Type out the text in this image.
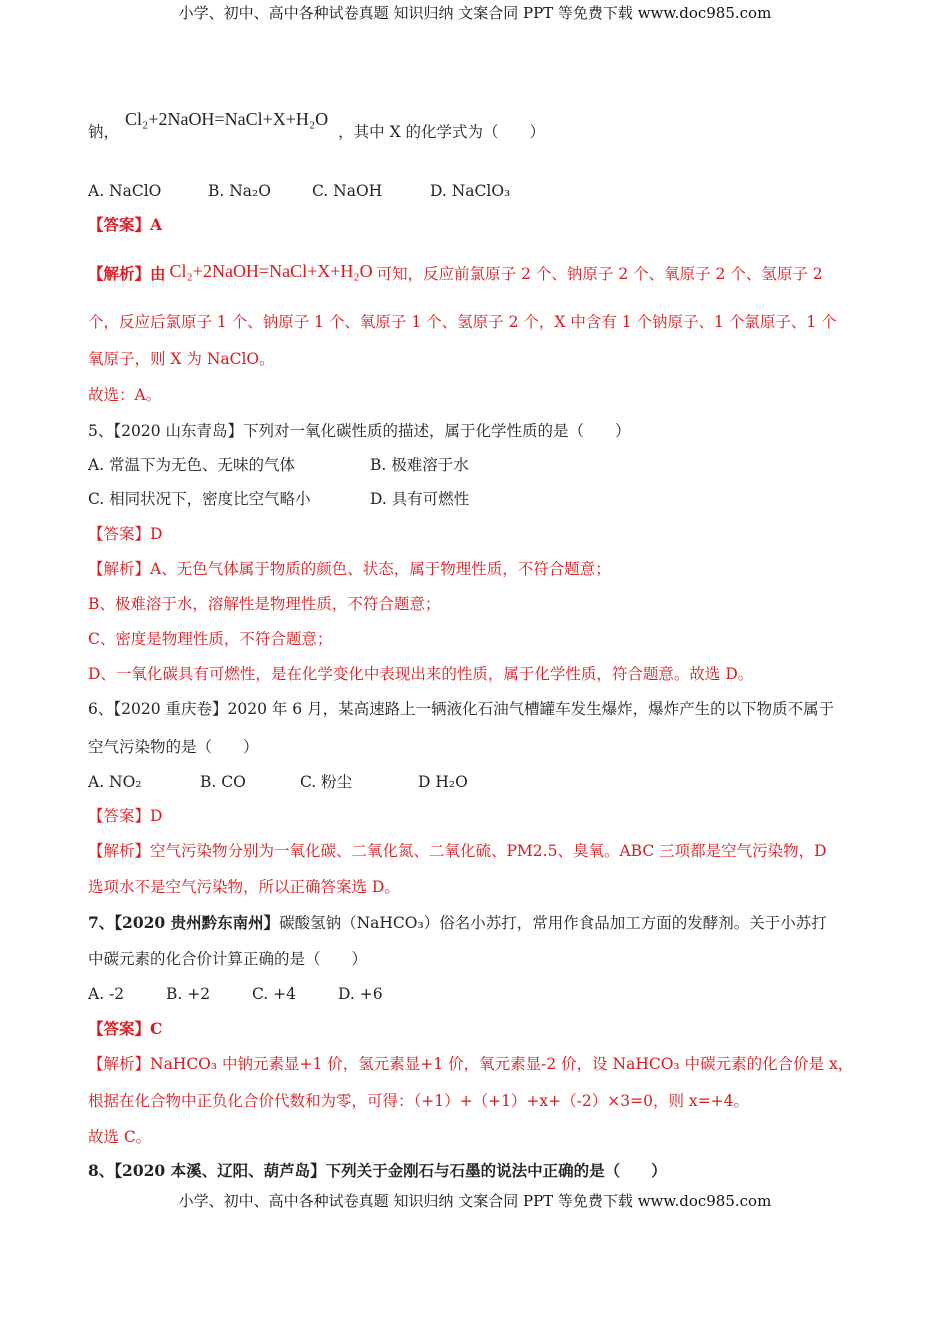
小学、初中、高中各种试卷真题 知识归纳 文案合同 PPT 等免费下载 www.doc985.com
钠，Cl₂+2NaOH=NaCl+X+H₂O，其中 X 的化学式为（　　）
A. NaClO	B. Na₂O	C. NaOH	D. NaClO₃
【答案】A
【解析】由 Cl₂+2NaOH=NaCl+X+H₂O 可知，反应前氯原子 2 个、钠原子 2 个、氧原子 2 个、氢原子 2
个，反应后氯原子 1 个、钠原子 1 个、氧原子 1 个、氢原子 2 个，X 中含有 1 个钠原子、1 个氯原子、1 个
氧原子，则 X 为 NaClO。
故选：A。
5、【2020 山东青岛】下列对一氧化碳性质的描述，属于化学性质的是（　　）
A. 常温下为无色、无味的气体	B. 极难溶于水
C. 相同状况下，密度比空气略小	D. 具有可燃性
【答案】D
【解析】A、无色气体属于物质的颜色、状态，属于物理性质，不符合题意；
B、极难溶于水，溶解性是物理性质，不符合题意；
C、密度是物理性质，不符合题意；
D、一氧化碳具有可燃性，是在化学变化中表现出来的性质，属于化学性质，符合题意。故选 D。
6、【2020 重庆卷】2020 年 6 月，某高速路上一辆液化石油气槽罐车发生爆炸，爆炸产生的以下物质不属于
空气污染物的是（　　）
A. NO₂	B. CO	C. 粉尘	D H₂O
【答案】D
【解析】空气污染物分别为一氧化碳、二氧化氮、二氧化硫、PM2.5、臭氧。ABC 三项都是空气污染物，D
选项水不是空气污染物，所以正确答案选 D。
7、【2020 贵州黔东南州】碳酸氢钠（NaHCO₃）俗名小苏打，常用作食品加工方面的发酵剂。关于小苏打
中碳元素的化合价计算正确的是（　　）
A. -2	B. +2	C. +4	D. +6
【答案】C
【解析】NaHCO₃ 中钠元素显+1 价，氢元素显+1 价，氧元素显-2 价，设 NaHCO₃ 中碳元素的化合价是 x，
根据在化合物中正负化合价代数和为零，可得：（+1）+（+1）+x+（-2）×3=0，则 x=+4。
故选 C。
8、【2020 本溪、辽阳、葫芦岛】下列关于金刚石与石墨的说法中正确的是（　　）
小学、初中、高中各种试卷真题 知识归纳 文案合同 PPT 等免费下载 www.doc985.com
